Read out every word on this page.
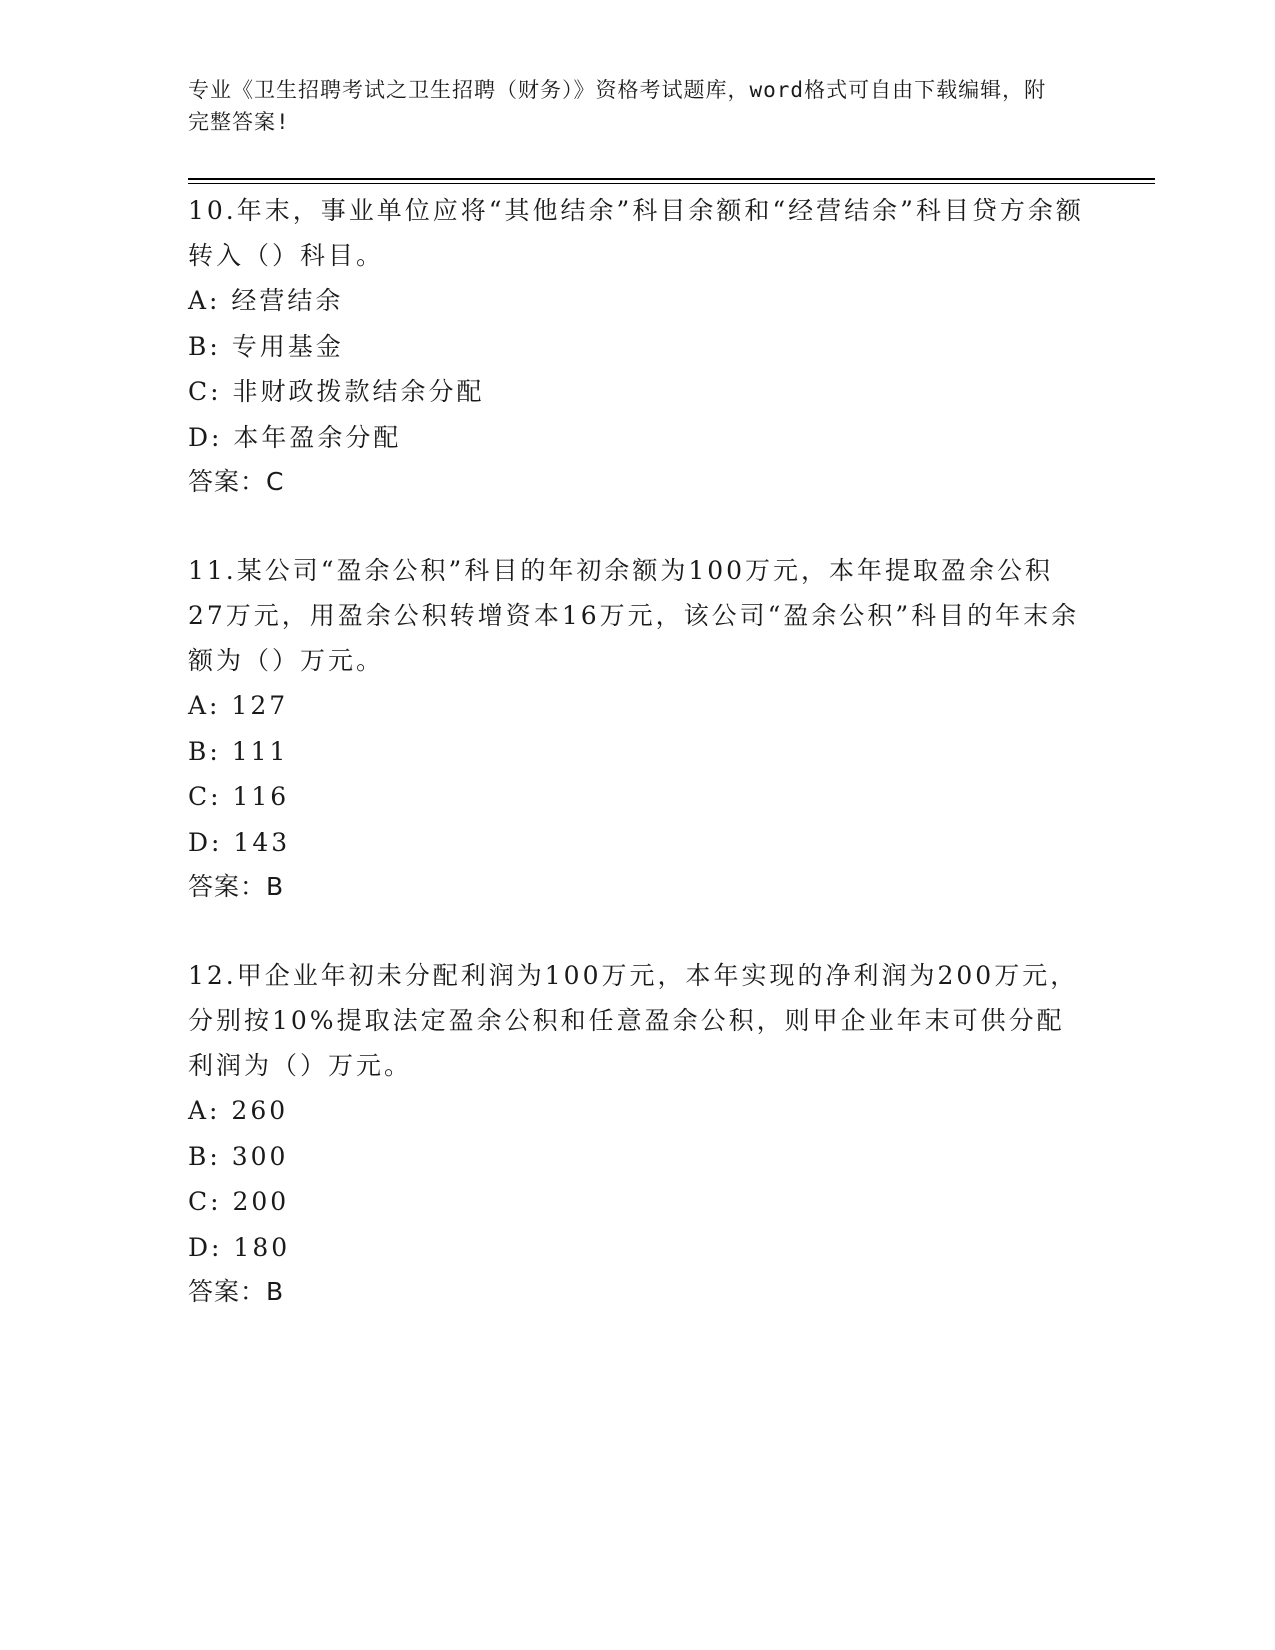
专业《卫生招聘考试之卫生招聘（财务）》资格考试题库，word格式可自由下载编辑，附完整答案!

10.年末，事业单位应将“其他结余”科目余额和“经营结余”科目贷方余额转入（）科目。

A: 经营结余

B: 专用基金

C: 非财政拨款结余分配

D: 本年盈余分配

答案：C

11.某公司“盈余公积”科目的年初余额为100万元，本年提取盈余公积27万元，用盈余公积转增资本16万元，该公司“盈余公积”科目的年末余额为（）万元。

A: 127

B: 111

C: 116

D: 143

答案：B

12.甲企业年初未分配利润为100万元，本年实现的净利润为200万元，分别按10%提取法定盈余公积和任意盈余公积，则甲企业年末可供分配利润为（）万元。

A: 260

B: 300

C: 200

D: 180

答案：B
